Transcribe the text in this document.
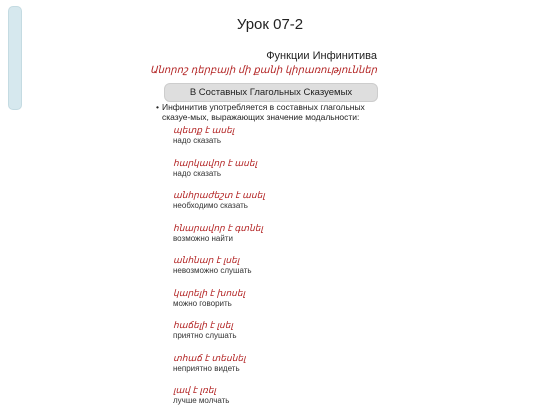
Урок 07-2
Функции Инфинитива
Անորոշ դերբայի մի քանի կիրառություններ
В Составных Глагольных Сказуемых
• Инфинитив употребляется в составных глагольных сказуе-мых, выражающих значение модальности:
պետք է ասել
надо сказать
հարկավոր է ասել
надо сказать
անհրաժեշտ է ասել
необходимо сказать
հնարավոր է գտնել
возможно найти
անհնար է լսել
невозможно слушать
կարելի է խոսել
можно говорить
հաճելի է լսել
приятно слушать
տհաճ է տեսնել
неприятно видеть
լավ է լռել
лучше молчать
